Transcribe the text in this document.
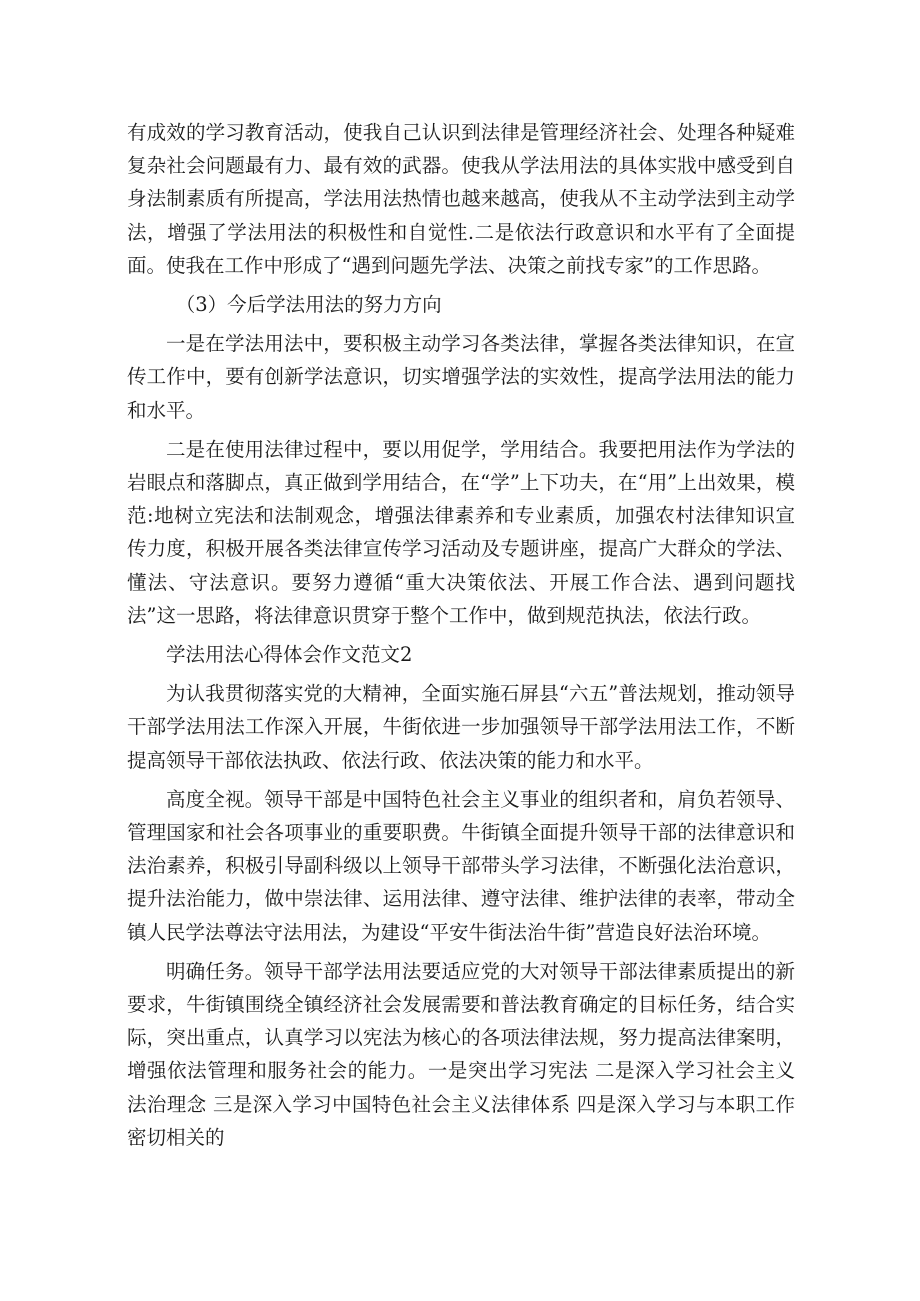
有成效的学习教育活动，使我自己认识到法律是管理经济社会、处理各种疑难复杂社会问题最有力、最有效的武器。使我从学法用法的具体实戕中感受到自身法制素质有所提高，学法用法热情也越来越高，使我从不主动学法到主动学法，增强了学法用法的积极性和自觉性.二是依法行政意识和水平有了全面提面。使我在工作中形成了“遇到问题先学法、决策之前找专家”的工作思路。

（3）今后学法用法的努力方向

一是在学法用法中，要积极主动学习各类法律，掌握各类法律知识，在宣传工作中，要有创新学法意识，切实增强学法的实效性，提高学法用法的能力和水平。

二是在使用法律过程中，要以用促学，学用结合。我要把用法作为学法的岩眼点和落脚点，真正做到学用结合，在“学”上下功夫，在“用”上出效果，模范:地树立宪法和法制观念，增强法律素养和专业素质，加强农村法律知识宣传力度，积极开展各类法律宣传学习活动及专题讲座，提高广大群众的学法、懂法、守法意识。要努力遵循“重大决策依法、开展工作合法、遇到问题找法”这一思路，将法律意识贯穿于整个工作中，做到规范执法，依法行政。

学法用法心得体会作文范文2

为认我贯彻落实党的大精神，全面实施石屏县“六五”普法规划，推动领导干部学法用法工作深入开展，牛街依进一步加强领导干部学法用法工作，不断提高领导干部依法执政、依法行政、依法决策的能力和水平。

高度全视。领导干部是中国特色社会主义事业的组织者和，肩负若领导、管理国家和社会各项事业的重要职费。牛街镇全面提升领导干部的法律意识和法治素养，积极引导副科级以上领导干部带头学习法律，不断强化法治意识，提升法治能力，做中崇法律、运用法律、遵守法律、维护法律的表率，带动全镇人民学法尊法守法用法，为建设“平安牛街法治牛街”营造良好法治环境。

明确任务。领导干部学法用法要适应党的大对领导干部法律素质提出的新要求，牛街镇围绕全镇经济社会发展需要和普法教育确定的目标任务，结合实际，突出重点，认真学习以宪法为核心的各项法律法规，努力提高法律案明，增强依法管理和服务社会的能力。一是突出学习宪法 二是深入学习社会主义法治理念 三是深入学习中国特色社会主义法律体系 四是深入学习与本职工作密切相关的
